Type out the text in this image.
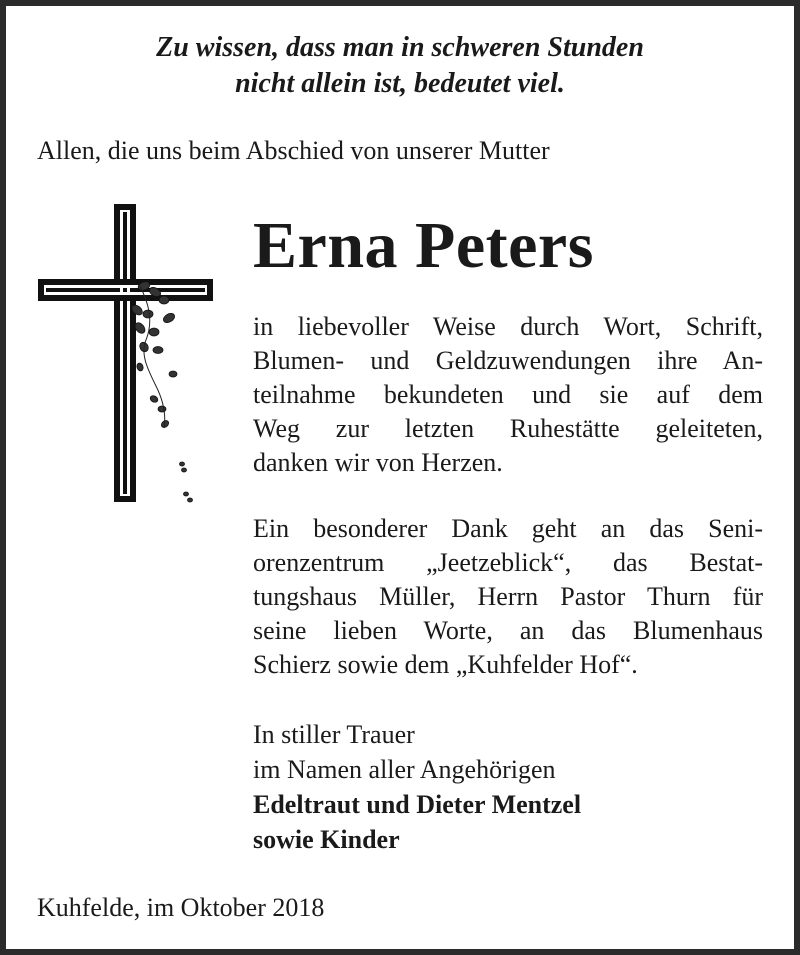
Zu wissen, dass man in schweren Stunden
nicht allein ist, bedeutet viel.
Allen, die uns beim Abschied von unserer Mutter
Erna Peters
in liebevoller Weise durch Wort, Schrift,
Blumen- und Geldzuwendungen ihre An-
teilnahme bekundeten und sie auf dem
Weg zur letzten Ruhestätte geleiteten,
danken wir von Herzen.
Ein besonderer Dank geht an das Seni-
orenzentrum „Jeetzeblick“, das Bestat-
tungshaus Müller, Herrn Pastor Thurn für
seine lieben Worte, an das Blumenhaus
Schierz sowie dem „Kuhfelder Hof“.
In stiller Trauer
im Namen aller Angehörigen
Edeltraut und Dieter Mentzel
sowie Kinder
Kuhfelde, im Oktober 2018
